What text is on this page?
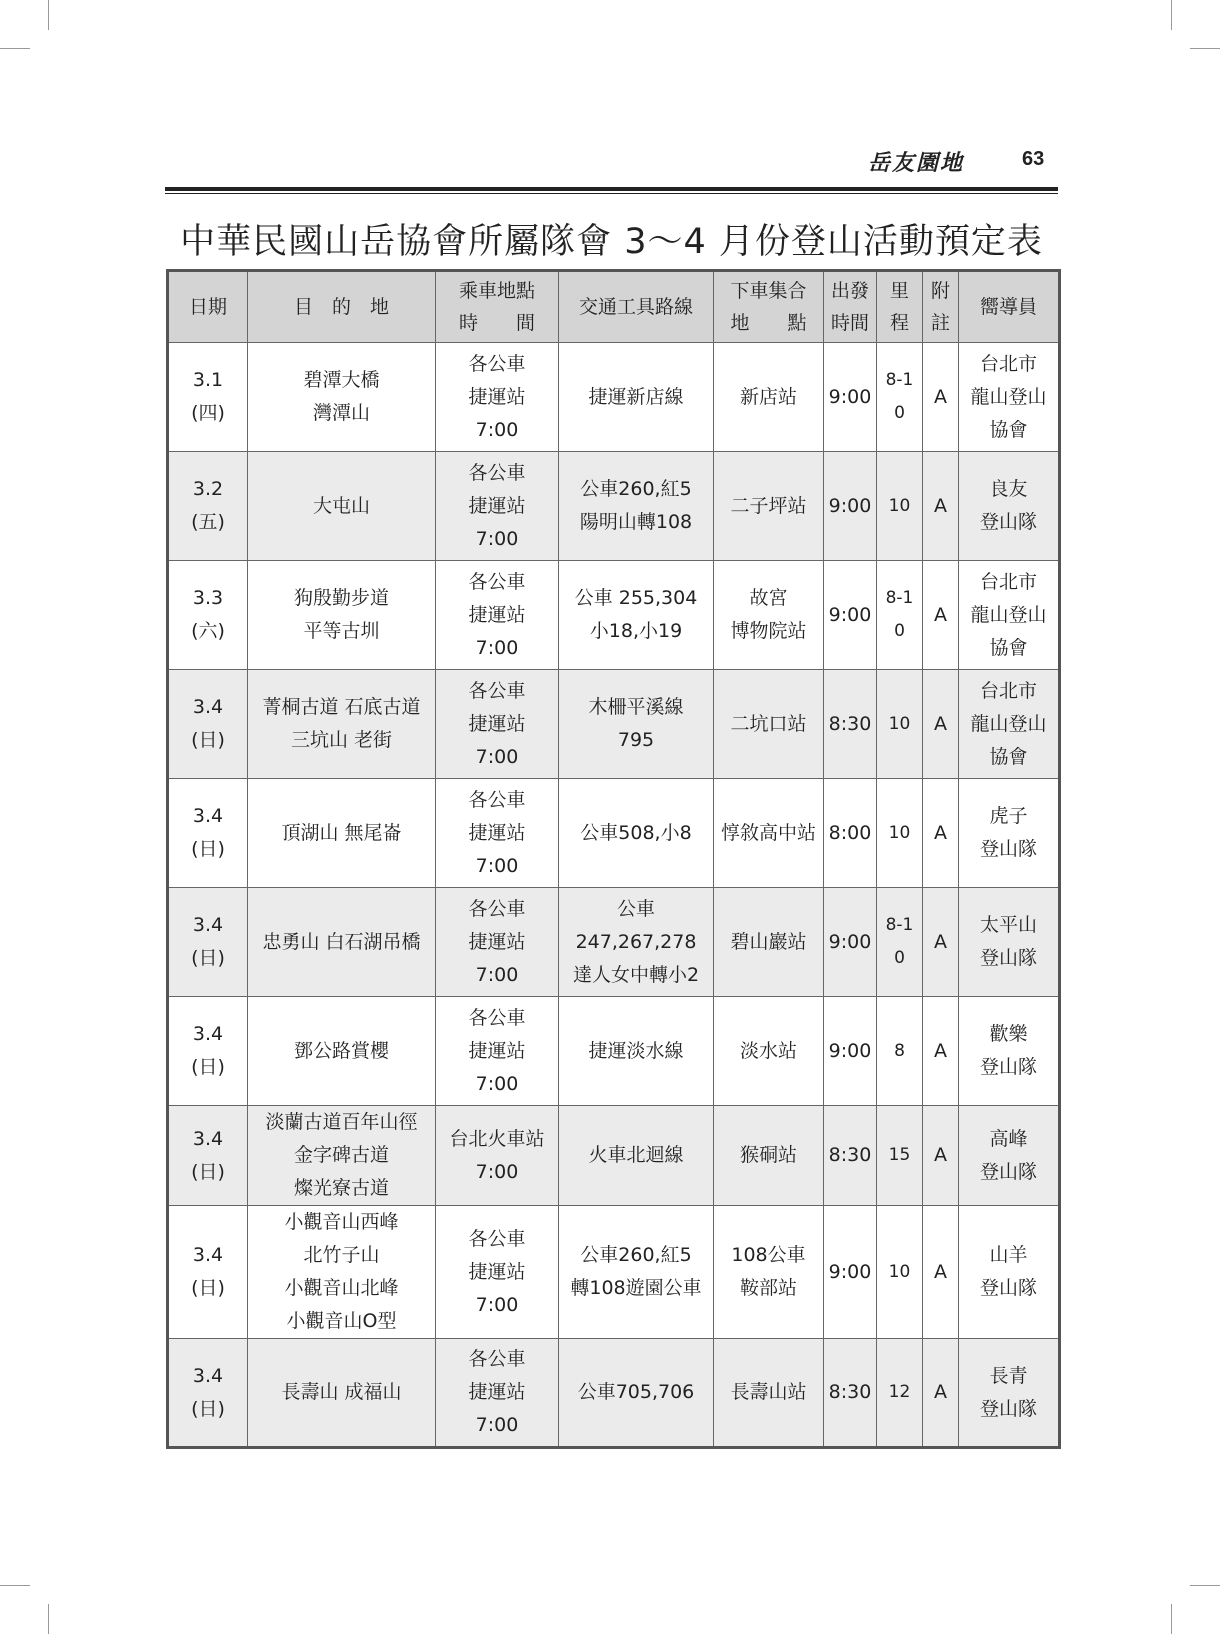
岳友園地	63
中華民國山岳協會所屬隊會 3～4 月份登山活動預定表
日期	目　的　地	乘車地點
時　　間	交通工具路線	下車集合
地　　點	出發
時間	里
程	附
註	嚮導員

3.1
(四)	碧潭大橋
灣潭山	各公車
捷運站
7:00	捷運新店線	新店站	9:00	8-1
0	A	台北市
龍山登山
協會

3.2
(五)	大屯山	各公車
捷運站
7:00	公車260,紅5
陽明山轉108	二子坪站	9:00	10	A	良友
登山隊

3.3
(六)	狗殷勤步道
平等古圳	各公車
捷運站
7:00	公車 255,304
小18,小19	故宮
博物院站	9:00	8-1
0	A	台北市
龍山登山
協會

3.4
(日)	菁桐古道 石底古道
三坑山 老街	各公車
捷運站
7:00	木柵平溪線
795	二坑口站	8:30	10	A	台北市
龍山登山
協會

3.4
(日)	頂湖山 無尾崙	各公車
捷運站
7:00	公車508,小8	惇敘高中站	8:00	10	A	虎子
登山隊

3.4
(日)	忠勇山 白石湖吊橋	各公車
捷運站
7:00	公車
247,267,278
達人女中轉小2	碧山巖站	9:00	8-1
0	A	太平山
登山隊

3.4
(日)	鄧公路賞櫻	各公車
捷運站
7:00	捷運淡水線	淡水站	9:00	8	A	歡樂
登山隊

3.4
(日)	淡蘭古道百年山徑
金字碑古道
燦光寮古道	台北火車站
7:00	火車北迴線	猴硐站	8:30	15	A	高峰
登山隊

3.4
(日)	小觀音山西峰
北竹子山
小觀音山北峰
小觀音山O型	各公車
捷運站
7:00	公車260,紅5
轉108遊園公車	108公車
鞍部站	9:00	10	A	山羊
登山隊

3.4
(日)	長壽山 成福山	各公車
捷運站
7:00	公車705,706	長壽山站	8:30	12	A	長青
登山隊
